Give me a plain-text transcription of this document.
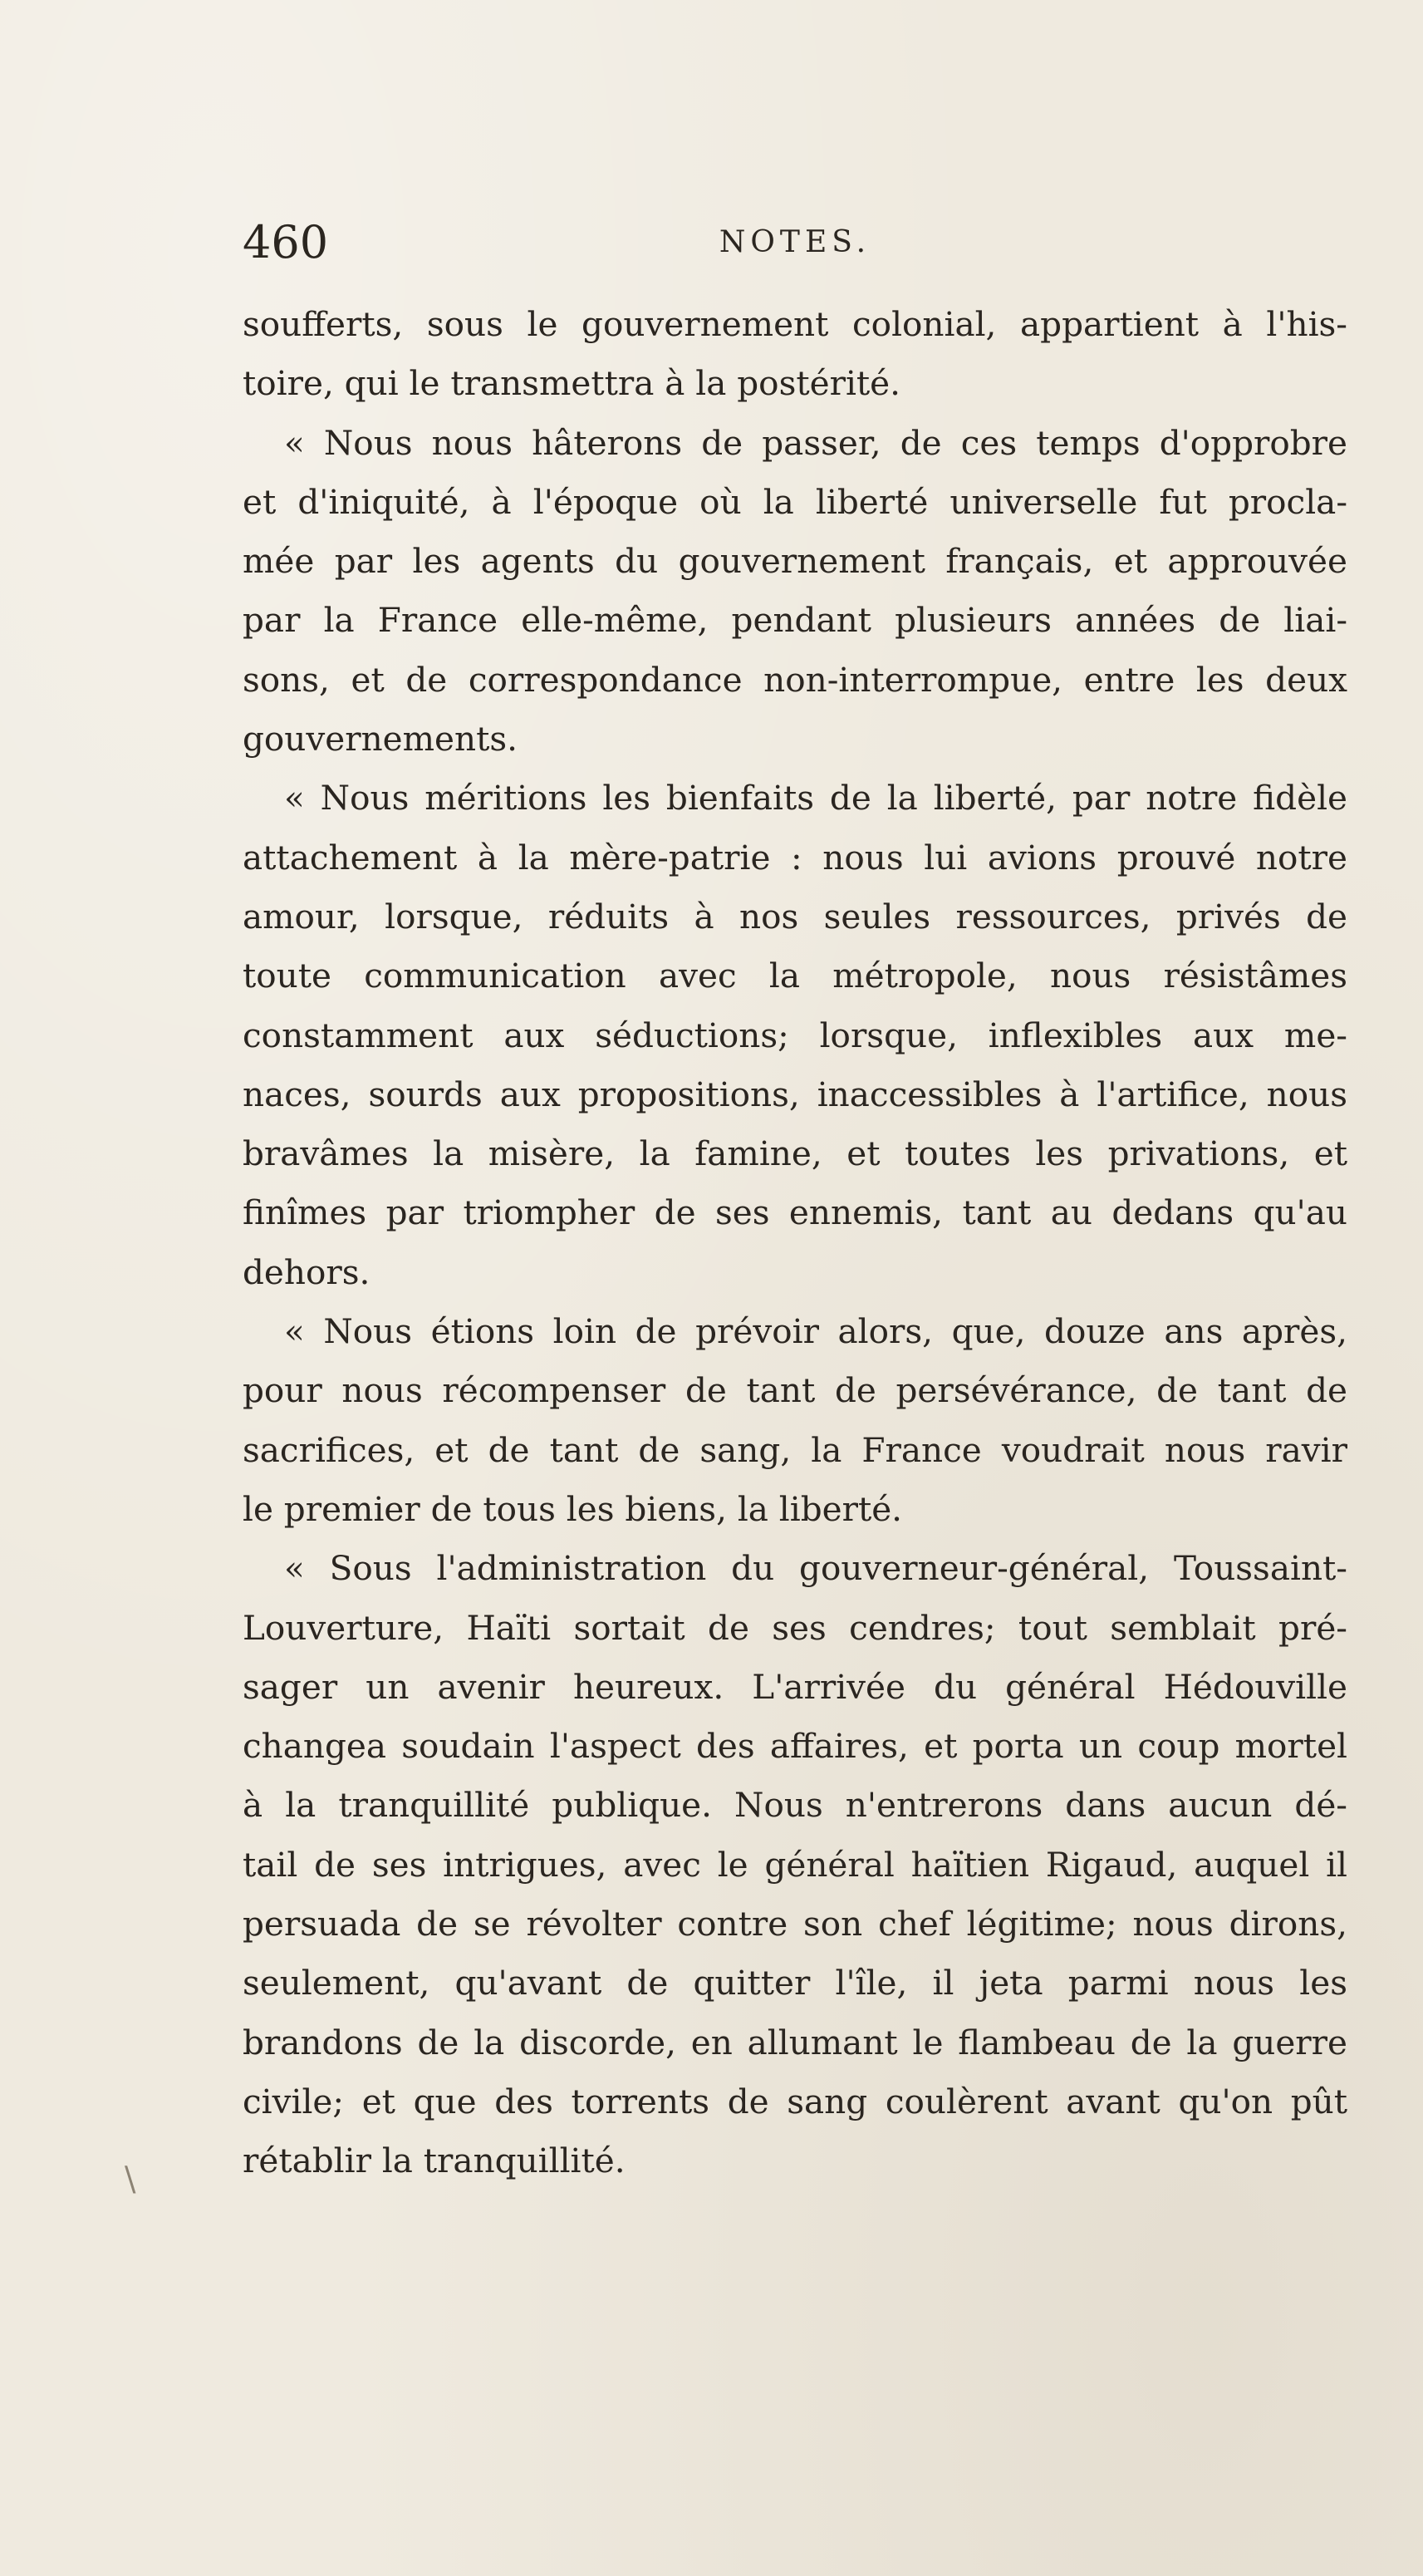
460	NOTES.
soufferts, sous le gouvernement colonial, appartient à l'his-
toire, qui le transmettra à la postérité.
« Nous nous hâterons de passer, de ces temps d'opprobre
et d'iniquité, à l'époque où la liberté universelle fut procla-
mée par les agents du gouvernement français, et approuvée
par la France elle-même, pendant plusieurs années de liai-
sons, et de correspondance non-interrompue, entre les deux
gouvernements.
« Nous méritions les bienfaits de la liberté, par notre fidèle
attachement à la mère-patrie : nous lui avions prouvé notre
amour, lorsque, réduits à nos seules ressources, privés de
toute communication avec la métropole, nous résistâmes
constamment aux séductions; lorsque, inflexibles aux me-
naces, sourds aux propositions, inaccessibles à l'artifice, nous
bravâmes la misère, la famine, et toutes les privations, et
finîmes par triompher de ses ennemis, tant au dedans qu'au
dehors.
« Nous étions loin de prévoir alors, que, douze ans après,
pour nous récompenser de tant de persévérance, de tant de
sacrifices, et de tant de sang, la France voudrait nous ravir
le premier de tous les biens, la liberté.
« Sous l'administration du gouverneur-général, Toussaint-
Louverture, Haïti sortait de ses cendres; tout semblait pré-
sager un avenir heureux. L'arrivée du général Hédouville
changea soudain l'aspect des affaires, et porta un coup mortel
à la tranquillité publique. Nous n'entrerons dans aucun dé-
tail de ses intrigues, avec le général haïtien Rigaud, auquel il
persuada de se révolter contre son chef légitime; nous dirons,
seulement, qu'avant de quitter l'île, il jeta parmi nous les
brandons de la discorde, en allumant le flambeau de la guerre
civile; et que des torrents de sang coulèrent avant qu'on pût
rétablir la tranquillité.
\
